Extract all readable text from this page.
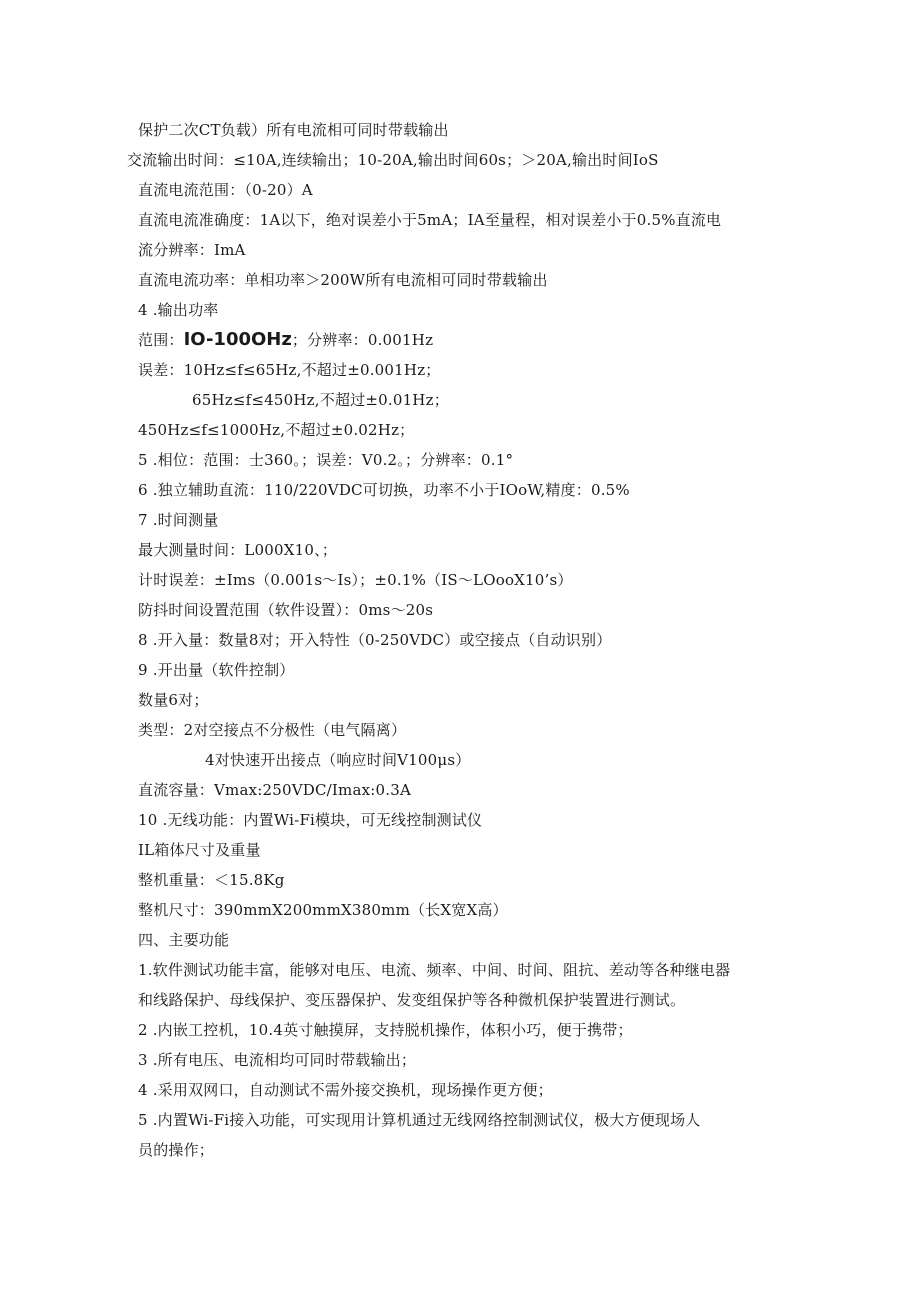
保护二次CT负载）所有电流相可同时带载输出
交流输出时间：≤10A,连续输出；10-20A,输出时间60s；＞20A,输出时间IoS
直流电流范围：（0-20）A
直流电流准确度：1A以下，绝对误差小于5mA；IA至量程，相对误差小于0.5%直流电
流分辨率：ImA
直流电流功率：单相功率＞200W所有电流相可同时带载输出
4 .输出功率
范围：IO-100OHz；分辨率：0.001Hz
误差：10Hz≤f≤65Hz,不超过±0.001Hz；
65Hz≤f≤450Hz,不超过±0.01Hz；
450Hz≤f≤1000Hz,不超过±0.02Hz；
5 .相位：范围：士360。；误差：V0.2。；分辨率：0.1°
6 .独立辅助直流：110/220VDC可切换，功率不小于IOoW,精度：0.5%
7 .时间测量
最大测量时间：L000X10、；
计时误差：±Ims（0.001s～Is）；±0.1%（IS～LOooX10’s）
防抖时间设置范围（软件设置）：0ms～20s
8 .开入量：数量8对；开入特性（0-250VDC）或空接点（自动识别）
9 .开出量（软件控制）
数量6对；
类型：2对空接点不分极性（电气隔离）
4对快速开出接点（响应时间V100μs）
直流容量：Vmax:250VDC/Imax:0.3A
10 .无线功能：内置Wi-Fi模块，可无线控制测试仪
IL箱体尺寸及重量
整机重量：＜15.8Kg
整机尺寸：390mmX200mmX380mm（长X宽X高）
四、主要功能
1.软件测试功能丰富，能够对电压、电流、频率、中间、时间、阻抗、差动等各种继电器
和线路保护、母线保护、变压器保护、发变组保护等各种微机保护装置进行测试。
2 .内嵌工控机，10.4英寸触摸屏，支持脱机操作，体积小巧，便于携带；
3 .所有电压、电流相均可同时带载输出；
4 .采用双网口，自动测试不需外接交换机，现场操作更方便；
5 .内置Wi-Fi接入功能，可实现用计算机通过无线网络控制测试仪，极大方便现场人
员的操作；
